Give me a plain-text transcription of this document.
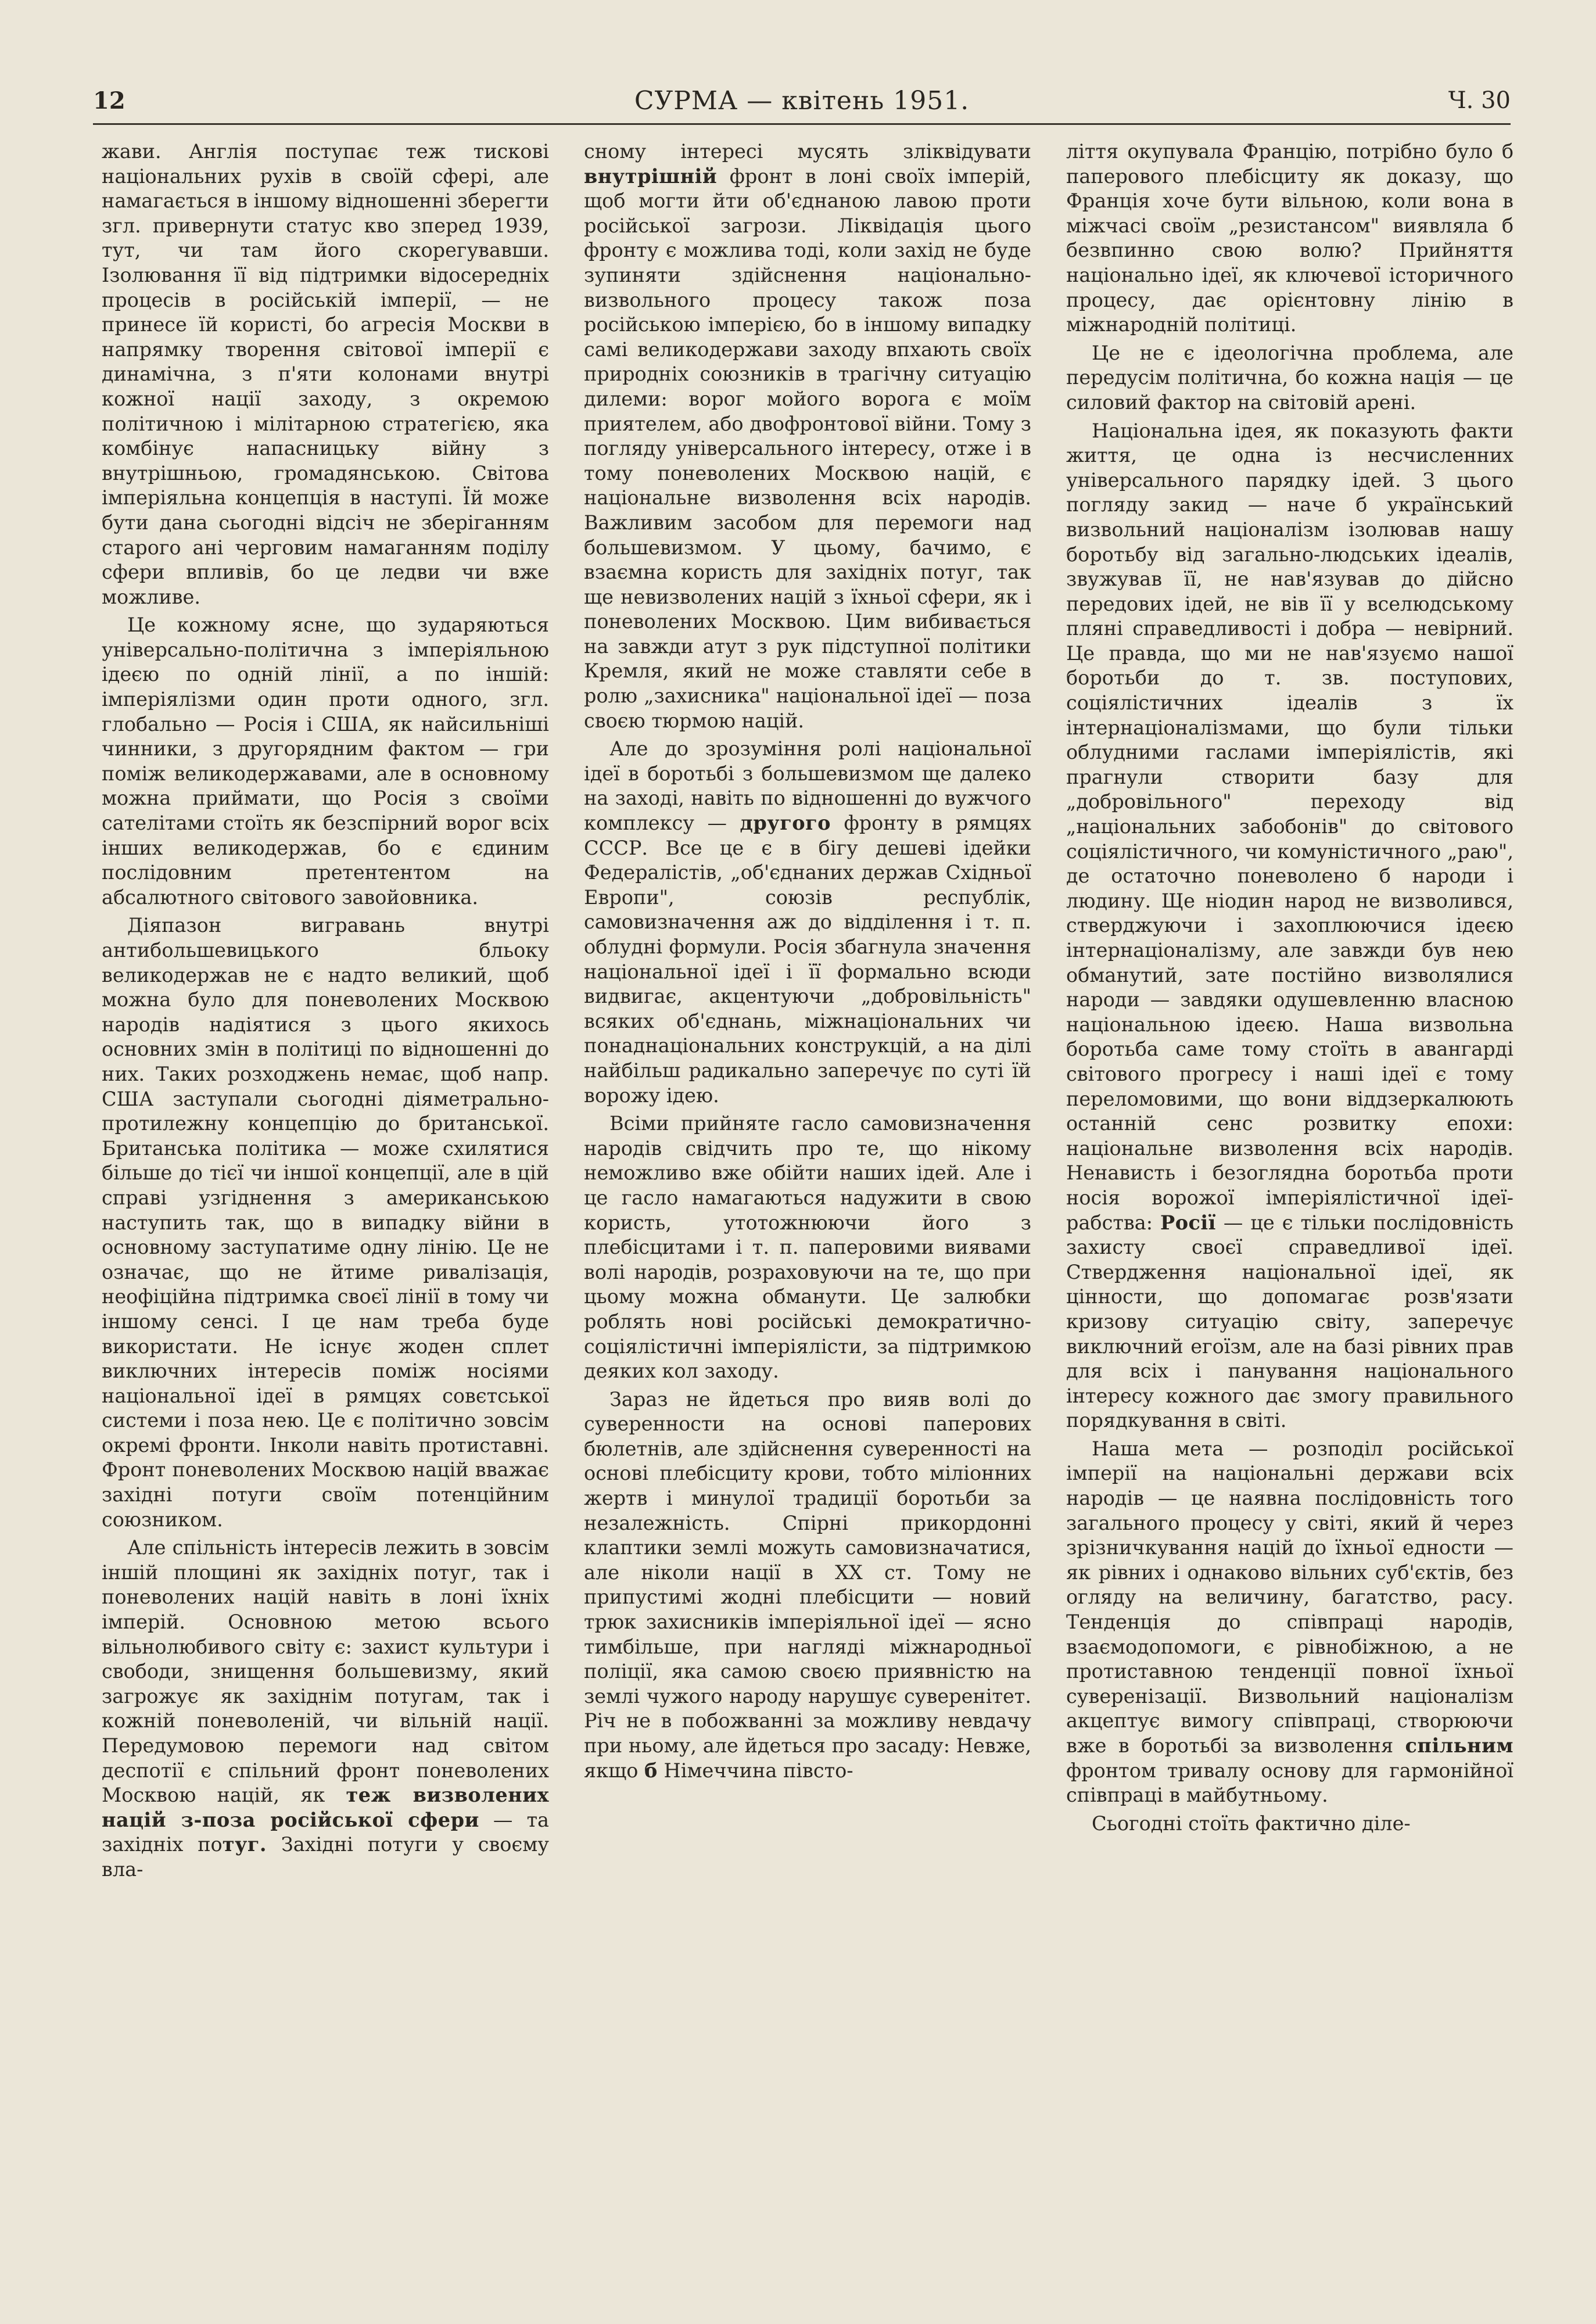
12	СУРМА — квітень 1951.	Ч. 30

жави. Англія поступає теж тискові національних рухів в своїй сфері, але намагається в іншому відношенні зберегти згл. привернути статус кво зперед 1939, тут, чи там його скорегувавши. Ізолювання її від підтримки відосередніх процесів в російській імперії, — не принесе їй користі, бо агресія Москви в напрямку творення світової імперії є динамічна, з п'яти колонами внутрі кожної нації заходу, з окремою політичною і мілітарною стратегією, яка комбінує напасницьку війну з внутрішньою, громадянською. Світова імперіяльна концепція в наступі. Їй може бути дана сьогодні відсіч не зберіганням старого ані черговим намаганням поділу сфери впливів, бо це ледви чи вже можливе.

Це кожному ясне, що зударяються універсально-політична з імперіяльною ідеєю по одній лінії, а по іншій: імперіялізми один проти одного, згл. глобально — Росія і США, як найсильніші чинники, з другорядним фактом — гри поміж великодержавами, але в основному можна приймати, що Росія з своїми сателітами стоїть як безспірний ворог всіх інших великодержав, бо є єдиним послідовним претентентом на абсалютного світового завойовника.

Діяпазон вигравань внутрі антибольшевицького бльоку великодержав не є надто великий, щоб можна було для поневолених Москвою народів надіятися з цього якихось основних змін в політиці по відношенні до них. Таких розходжень немає, щоб напр. США заступали сьогодні діяметрально-протилежну концепцію до британської. Британська політика — може схилятися більше до тієї чи іншої концепції, але в цій справі узгіднення з американською наступить так, що в випадку війни в основному заступатиме одну лінію. Це не означає, що не йтиме ривалізація, неофіційна підтримка своєї лінії в тому чи іншому сенсі. І це нам треба буде використати. Не існує жоден сплет виключних інтересів поміж носіями національної ідеї в рямцях совєтської системи і поза нею. Це є політично зовсім окремі фронти. Інколи навіть протиставні. Фронт поневолених Москвою націй вважає західні потуги своїм потенційним союзником.

Але спільність інтересів лежить в зовсім іншій площині як західніх потуг, так і поневолених націй навіть в лоні їхніх імперій. Основною метою всього вільнолюбивого світу є: захист культури і свободи, знищення большевизму, який загрожує як західнім потугам, так і кожній поневоленій, чи вільній нації. Передумовою перемоги над світом деспотії є спільний фронт поневолених Москвою націй, як теж визволених націй з-поза російської сфери — та західніх потуг. Західні потуги у своєму вла-

сному інтересі мусять зліквідувати внутрішній фронт в лоні своїх імперій, щоб могти йти об'єднаною лавою проти російської загрози. Ліквідація цього фронту є можлива тоді, коли захід не буде зупиняти здійснення національно-визвольного процесу також поза російською імперією, бо в іншому випадку самі великодержави заходу впхають своїх природніх союзників в трагічну ситуацію дилеми: ворог мойого ворога є моїм приятелем, або двофронтової війни. Тому з погляду універсального інтересу, отже і в тому поневолених Москвою націй, є національне визволення всіх народів. Важливим засобом для перемоги над большевизмом. У цьому, бачимо, є взаємна користь для західніх потуг, так ще невизволених націй з їхньої сфери, як і поневолених Москвою. Цим вибивається на завжди атут з рук підступної політики Кремля, який не може ставляти себе в ролю „захисника" національної ідеї — поза своєю тюрмою націй.

Але до зрозуміння ролі національної ідеї в боротьбі з большевизмом ще далеко на заході, навіть по відношенні до вужчого комплексу — другого фронту в рямцях СССР. Все це є в бігу дешеві ідейки Федералістів, „об'єднаних держав Східньої Европи", союзів республік, самовизначення аж до відділення і т. п. облудні формули. Росія збагнула значення національної ідеї і її формально всюди видвигає, акцентуючи „добровільність" всяких об'єднань, міжнаціональних чи понаднаціональних конструкцій, а на ділі найбільш радикально заперечує по суті їй ворожу ідею.

Всіми прийняте гасло самовизначення народів свідчить про те, що нікому неможливо вже обійти наших ідей. Але і це гасло намагаються надужити в свою користь, утотожнюючи його з плебісцитами і т. п. паперовими виявами волі народів, розраховуючи на те, що при цьому можна обманути. Це залюбки роблять нові російські демократично-соціялістичні імперіялісти, за підтримкою деяких кол заходу.

Зараз не йдеться про вияв волі до суверенности на основі паперових бюлетнів, але здійснення суверенності на основі плебісциту крови, тобто міліонних жертв і минулої традиції боротьби за незалежність. Спірні прикордонні клаптики землі можуть самовизначатися, але ніколи нації в XX ст. Тому не припустимі жодні плебісцити — новий трюк захисників імперіяльної ідеї — ясно тимбільше, при нагляді міжнародньої поліції, яка самою своєю приявністю на землі чужого народу нарушує суверенітет. Річ не в побожванні за можливу невдачу при ньому, але йдеться про засаду: Невже, якщо б Німеччина півсто-

ліття окупувала Францію, потрібно було б паперового плебісциту як доказу, що Франція хоче бути вільною, коли вона в міжчасі своїм „резистансом" виявляла б безвпинно свою волю? Прийняття національно ідеї, як ключевої історичного процесу, дає орієнтовну лінію в міжнародній політиці.

Це не є ідеологічна проблема, але передусім політична, бо кожна нація — це силовий фактор на світовій арені.

Національна ідея, як показують факти життя, це одна із несчисленних універсального парядку ідей. З цього погляду закид — наче б український визвольний націоналізм ізолював нашу боротьбу від загально-людських ідеалів, звужував її, не нав'язував до дійсно передових ідей, не вів її у вселюдському пляні справедливості і добра — невірний. Це правда, що ми не нав'язуємо нашої боротьби до т. зв. поступових, соціялістичних ідеалів з їх інтернаціоналізмами, що були тільки облудними гаслами імперіялістів, які прагнули створити базу для „добровільного" переходу від „національних забобонів" до світового соціялістичного, чи комуністичного „раю", де остаточно поневолено б народи і людину. Ще ніодин народ не визволився, стверджуючи і захоплюючися ідеєю інтернаціоналізму, але завжди був нею обманутий, зате постійно визволялися народи — завдяки одушевленню власною національною ідеєю. Наша визвольна боротьба саме тому стоїть в авангарді світового прогресу і наші ідеї є тому переломовими, що вони віддзеркалюють останній сенс розвитку епохи: національне визволення всіх народів. Ненависть і безоглядна боротьба проти носія ворожої імперіялістичної ідеї-рабства: Росії — це є тільки послідовність захисту своєї справедливої ідеї. Ствердження національної ідеї, як цінности, що допомагає розв'язати кризову ситуацію світу, заперечує виключний егоїзм, але на базі рівних прав для всіх і панування національного інтересу кожного дає змогу правильного порядкування в світі.

Наша мета — розподіл російської імперії на національні держави всіх народів — це наявна послідовність того загального процесу у світі, який й через зрізничкування націй до їхньої едности — як рівних і однаково вільних суб'єктів, без огляду на величину, багатство, расу. Тенденція до співпраці народів, взаємодопомоги, є рівнобіжною, а не протиставною тенденції повної їхньої суверенізації. Визвольний націоналізм акцептує вимогу співпраці, створюючи вже в боротьбі за визволення спільним фронтом тривалу основу для гармонійної співпраці в майбутньому.

Сьогодні стоїть фактично діле-
